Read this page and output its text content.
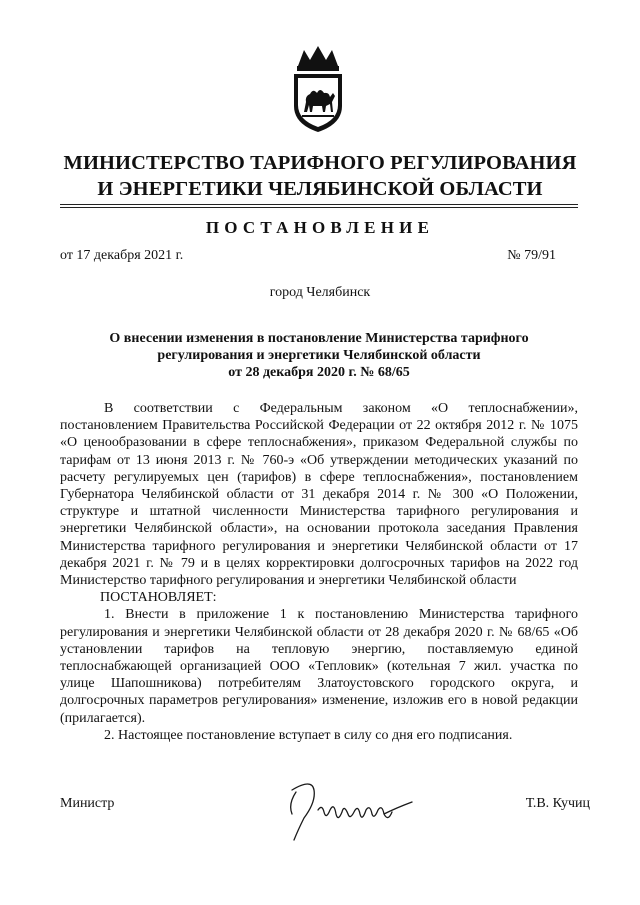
МИНИСТЕРСТВО ТАРИФНОГО РЕГУЛИРОВАНИЯ
И ЭНЕРГЕТИКИ ЧЕЛЯБИНСКОЙ ОБЛАСТИ
ПОСТАНОВЛЕНИЕ
от 17 декабря 2021 г.	№ 79/91
город Челябинск
О внесении изменения в постановление Министерства тарифного
регулирования и энергетики Челябинской области
от 28 декабря 2020 г. № 68/65

В соответствии с Федеральным законом «О теплоснабжении», постановлением Правительства Российской Федерации от 22 октября 2012 г. № 1075 «О ценообразовании в сфере теплоснабжения», приказом Федеральной службы по тарифам от 13 июня 2013 г. № 760-э «Об утверждении методических указаний по расчету регулируемых цен (тарифов) в сфере теплоснабжения», постановлением Губернатора Челябинской области от 31 декабря 2014 г. № 300 «О Положении, структуре и штатной численности Министерства тарифного регулирования и энергетики Челябинской области», на основании протокола заседания Правления Министерства тарифного регулирования и энергетики Челябинской области от 17 декабря 2021 г. № 79 и в целях корректировки долгосрочных тарифов на 2022 год Министерство тарифного регулирования и энергетики Челябинской области

ПОСТАНОВЛЯЕТ:

1. Внести в приложение 1 к постановлению Министерства тарифного регулирования и энергетики Челябинской области от 28 декабря 2020 г. № 68/65 «Об установлении тарифов на тепловую энергию, поставляемую единой теплоснабжающей организацией ООО «Тепловик» (котельная 7 жил. участка по улице Шапошникова) потребителям Златоустовского городского округа, и долгосрочных параметров регулирования» изменение, изложив его в новой редакции (прилагается).

2. Настоящее постановление вступает в силу со дня его подписания.

Министр	Т.В. Кучиц
